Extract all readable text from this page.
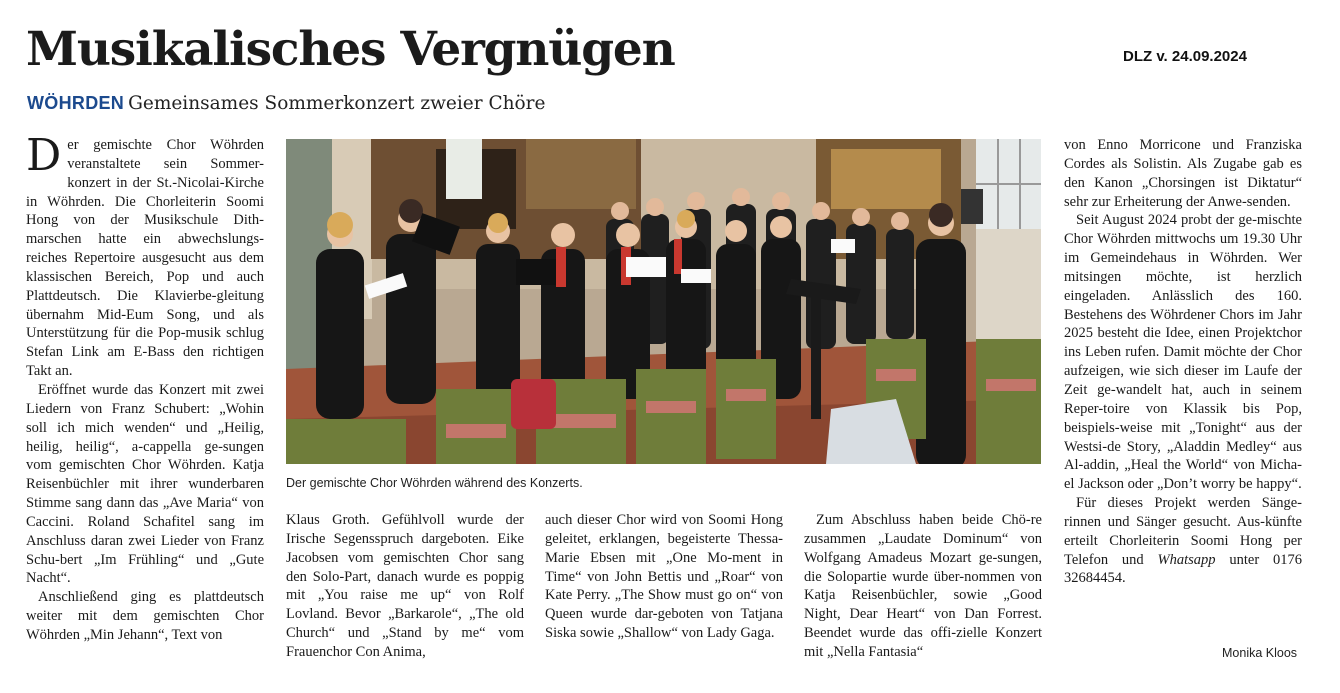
Musikalisches Vergnügen	DLZ v. 24.09.2024
WÖHRDEN Gemeinsames Sommerkonzert zweier Chöre

Der gemischte Chor Wöhrden veranstaltete sein Sommer-konzert in der St.-Nicolai-Kirche in Wöhrden. Die Chorleiterin Soomi Hong von der Musikschule Dith-marschen hatte ein abwechslungs-reiches Repertoire ausgesucht aus dem klassischen Bereich, Pop und auch Plattdeutsch. Die Klavierbe-gleitung übernahm Mid-Eum Song, und als Unterstützung für die Pop-musik schlug Stefan Link am E-Bass den richtigen Takt an.

Eröffnet wurde das Konzert mit zwei Liedern von Franz Schubert: „Wohin soll ich mich wenden“ und „Heilig, heilig, heilig“, a-cappella ge-sungen vom gemischten Chor Wöhrden. Katja Reisenbüchler mit ihrer wunderbaren Stimme sang dann das „Ave Maria“ von Caccini. Roland Schafitel sang im Anschluss daran zwei Lieder von Franz Schu-bert „Im Frühling“ und „Gute Nacht“.

Anschließend ging es plattdeutsch weiter mit dem gemischten Chor Wöhrden „Min Jehann“, Text von

Der gemischte Chor Wöhrden während des Konzerts.

Klaus Groth. Gefühlvoll wurde der Irische Segensspruch dargeboten. Eike Jacobsen vom gemischten Chor sang den Solo-Part, danach wurde es poppig mit „You raise me up“ von Rolf Lovland. Bevor „Barkarole“, „The old Church“ und „Stand by me“ vom Frauenchor Con Anima,

auch dieser Chor wird von Soomi Hong geleitet, erklangen, begeisterte Thessa-Marie Ebsen mit „One Mo-ment in Time“ von John Bettis und „Roar“ von Kate Perry. „The Show must go on“ von Queen wurde dar-geboten von Tatjana Siska sowie „Shallow“ von Lady Gaga.

Zum Abschluss haben beide Chö-re zusammen „Laudate Dominum“ von Wolfgang Amadeus Mozart ge-sungen, die Solopartie wurde über-nommen von Katja Reisenbüchler, sowie „Good Night, Dear Heart“ von Dan Forrest. Beendet wurde das offi-zielle Konzert mit „Nella Fantasia“

von Enno Morricone und Franziska Cordes als Solistin. Als Zugabe gab es den Kanon „Chorsingen ist Diktatur“ sehr zur Erheiterung der Anwe-senden.

Seit August 2024 probt der ge-mischte Chor Wöhrden mittwochs um 19.30 Uhr im Gemeindehaus in Wöhrden. Wer mitsingen möchte, ist herzlich eingeladen. Anlässlich des 160. Bestehens des Wöhrdener Chors im Jahr 2025 besteht die Idee, einen Projektchor ins Leben rufen. Damit möchte der Chor aufzeigen, wie sich dieser im Laufe der Zeit ge-wandelt hat, auch in seinem Reper-toire von Klassik bis Pop, beispiels-weise mit „Tonight“ aus der Westsi-de Story, „Aladdin Medley“ aus Al-addin, „Heal the World“ von Micha-el Jackson oder „Don’t worry be happy“.

Für dieses Projekt werden Sänge-rinnen und Sänger gesucht. Aus-künfte erteilt Chorleiterin Soomi Hong per Telefon und Whatsapp unter 0176 32684454.

Monika Kloos
